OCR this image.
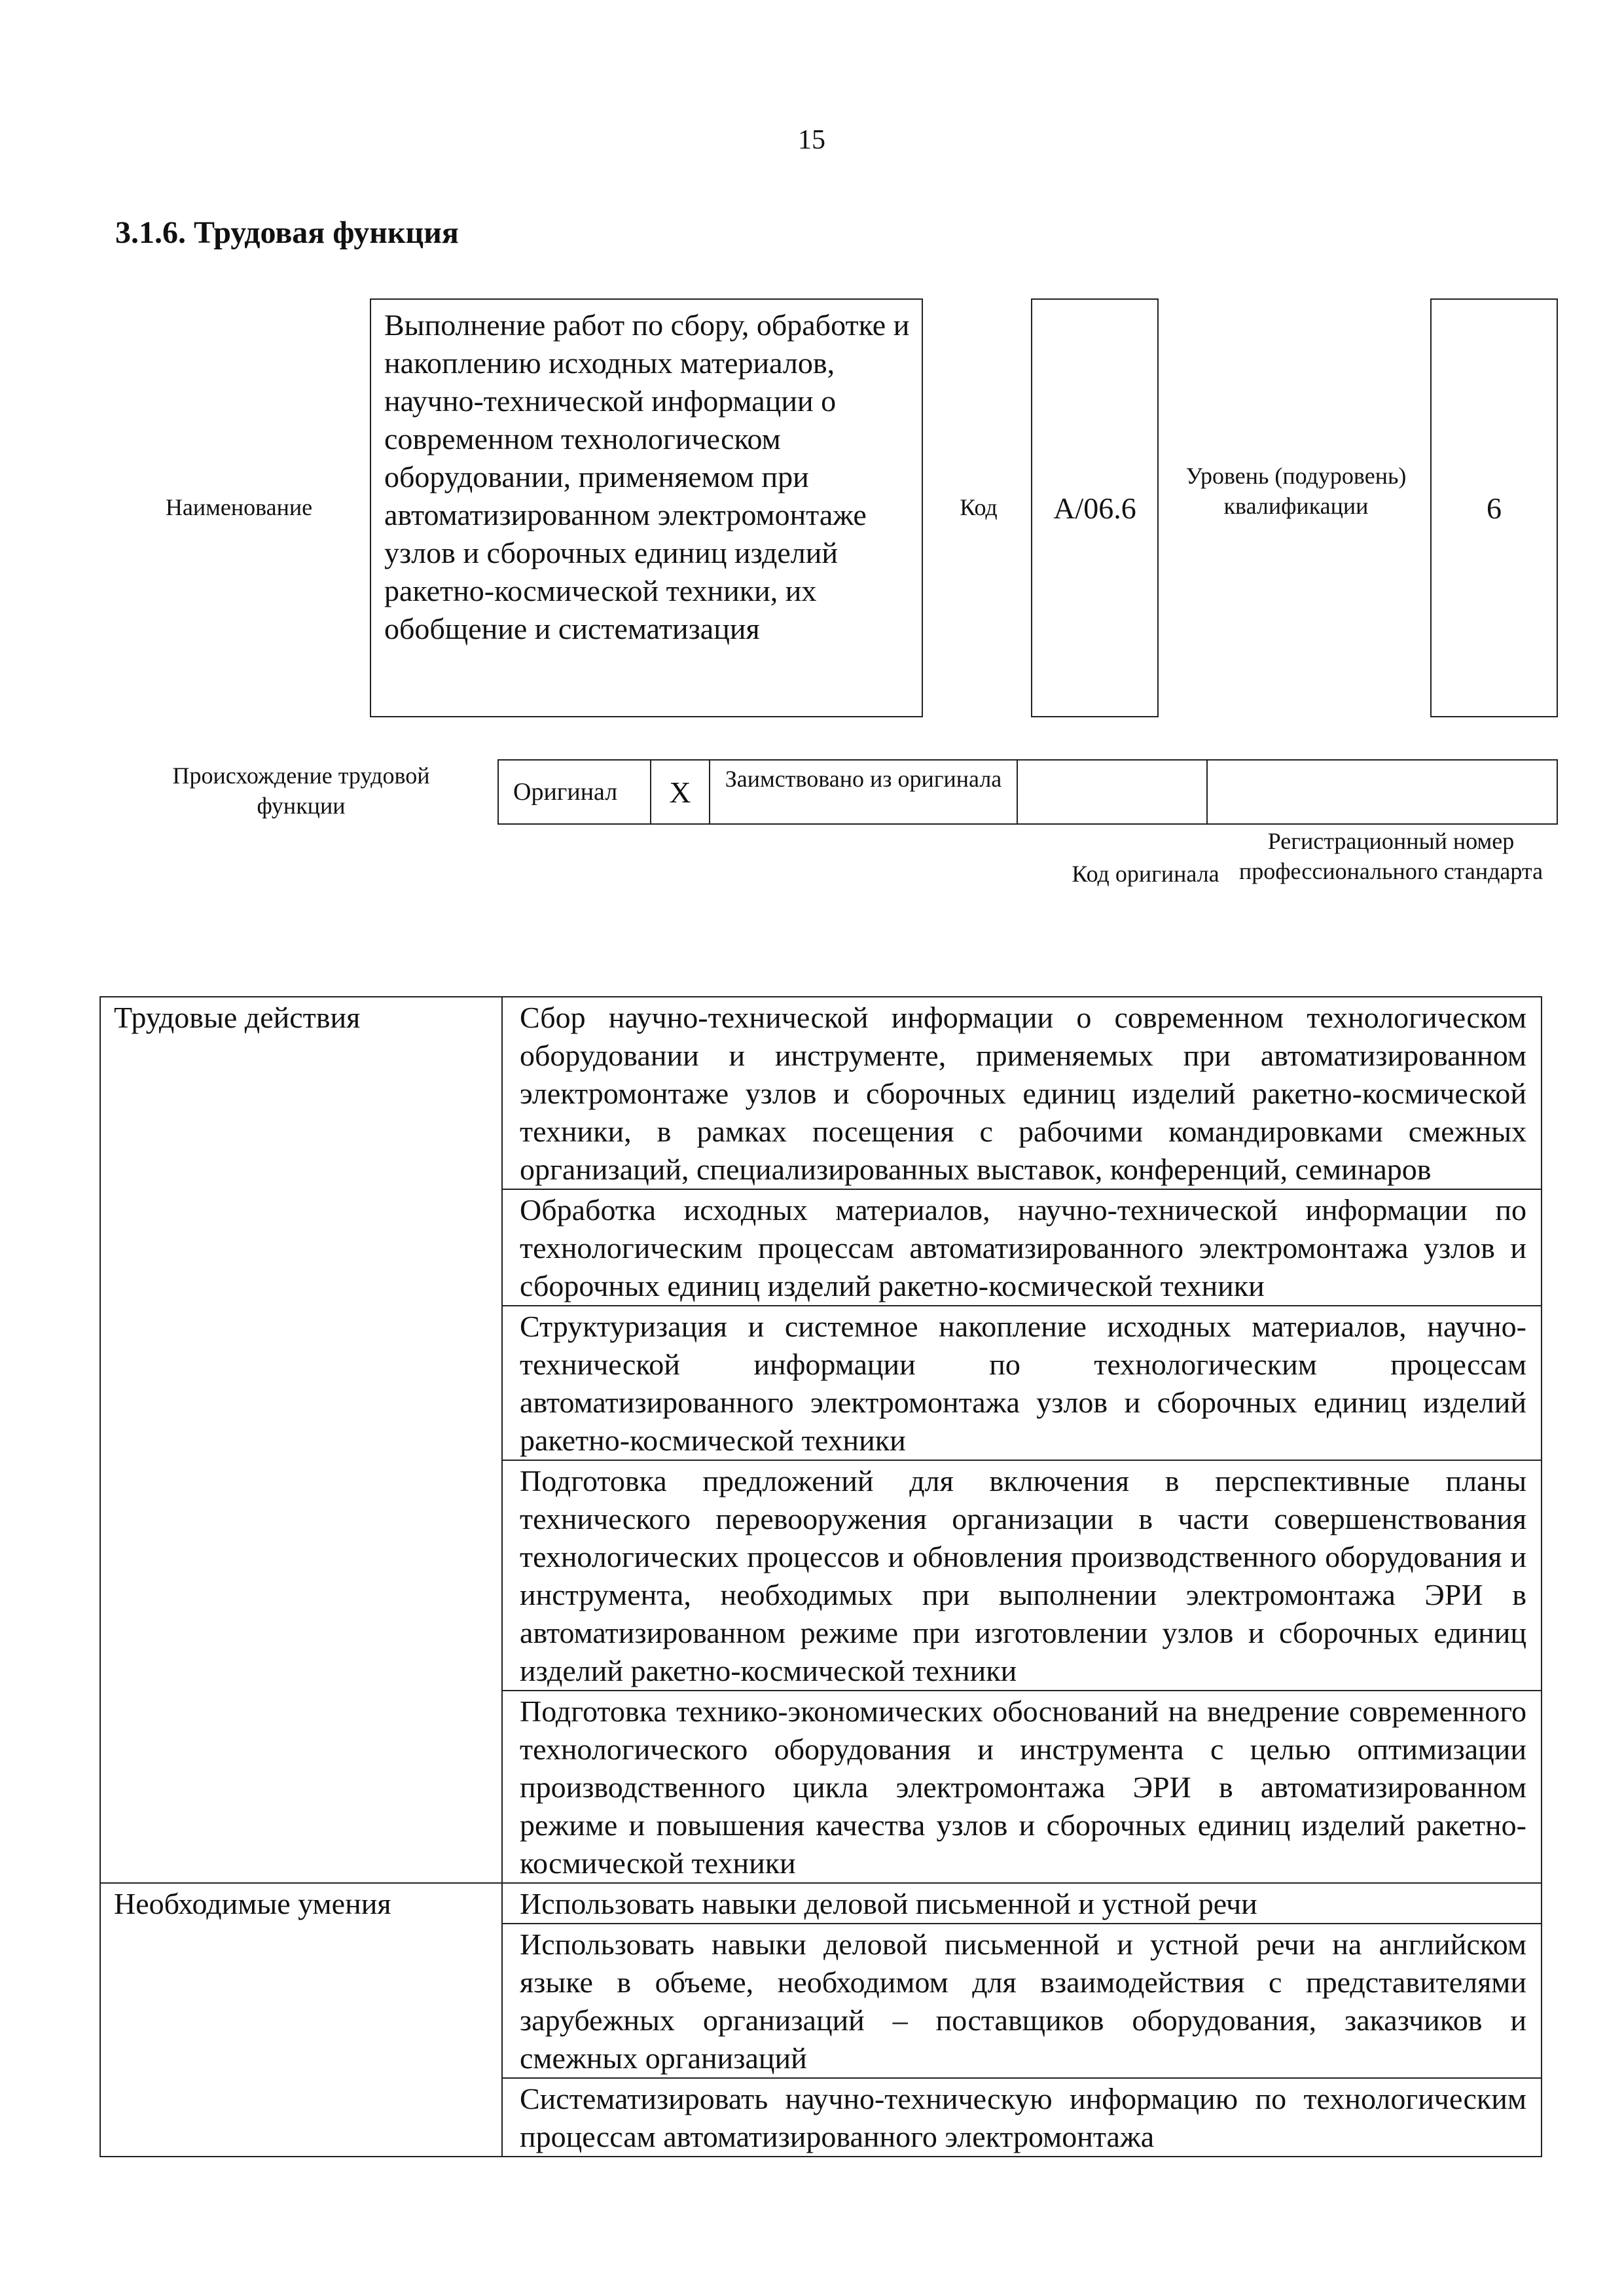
15
3.1.6. Трудовая функция
Наименование
Выполнение работ по сбору, обработке и накоплению исходных материалов, научно-технической информации о современном технологическом оборудовании, применяемом при автоматизированном электромонтаже узлов и сборочных единиц изделий ракетно-космической техники, их обобщение и систематизация
Код	А/06.6
Уровень (подуровень) квалификации	6
Происхождение трудовой функции	Оригинал	X	Заимствовано из оригинала
Код оригинала
Регистрационный номер профессионального стандарта
Трудовые действия	Сбор научно-технической информации о современном технологическом оборудовании и инструменте, применяемых при автоматизированном электромонтаже узлов и сборочных единиц изделий ракетно-космической техники, в рамках посещения с рабочими командировками смежных организаций, специализированных выставок, конференций, семинаров
	Обработка исходных материалов, научно-технической информации по технологическим процессам автоматизированного электромонтажа узлов и сборочных единиц изделий ракетно-космической техники
	Структуризация и системное накопление исходных материалов, научно-технической информации по технологическим процессам автоматизированного электромонтажа узлов и сборочных единиц изделий ракетно-космической техники
	Подготовка предложений для включения в перспективные планы технического перевооружения организации в части совершенствования технологических процессов и обновления производственного оборудования и инструмента, необходимых при выполнении электромонтажа ЭРИ в автоматизированном режиме при изготовлении узлов и сборочных единиц изделий ракетно-космической техники
	Подготовка технико-экономических обоснований на внедрение современного технологического оборудования и инструмента с целью оптимизации производственного цикла электромонтажа ЭРИ в автоматизированном режиме и повышения качества узлов и сборочных единиц изделий ракетно-космической техники
Необходимые умения	Использовать навыки деловой письменной и устной речи
	Использовать навыки деловой письменной и устной речи на английском языке в объеме, необходимом для взаимодействия с представителями зарубежных организаций – поставщиков оборудования, заказчиков и смежных организаций
	Систематизировать научно-техническую информацию по технологическим процессам автоматизированного электромонтажа
